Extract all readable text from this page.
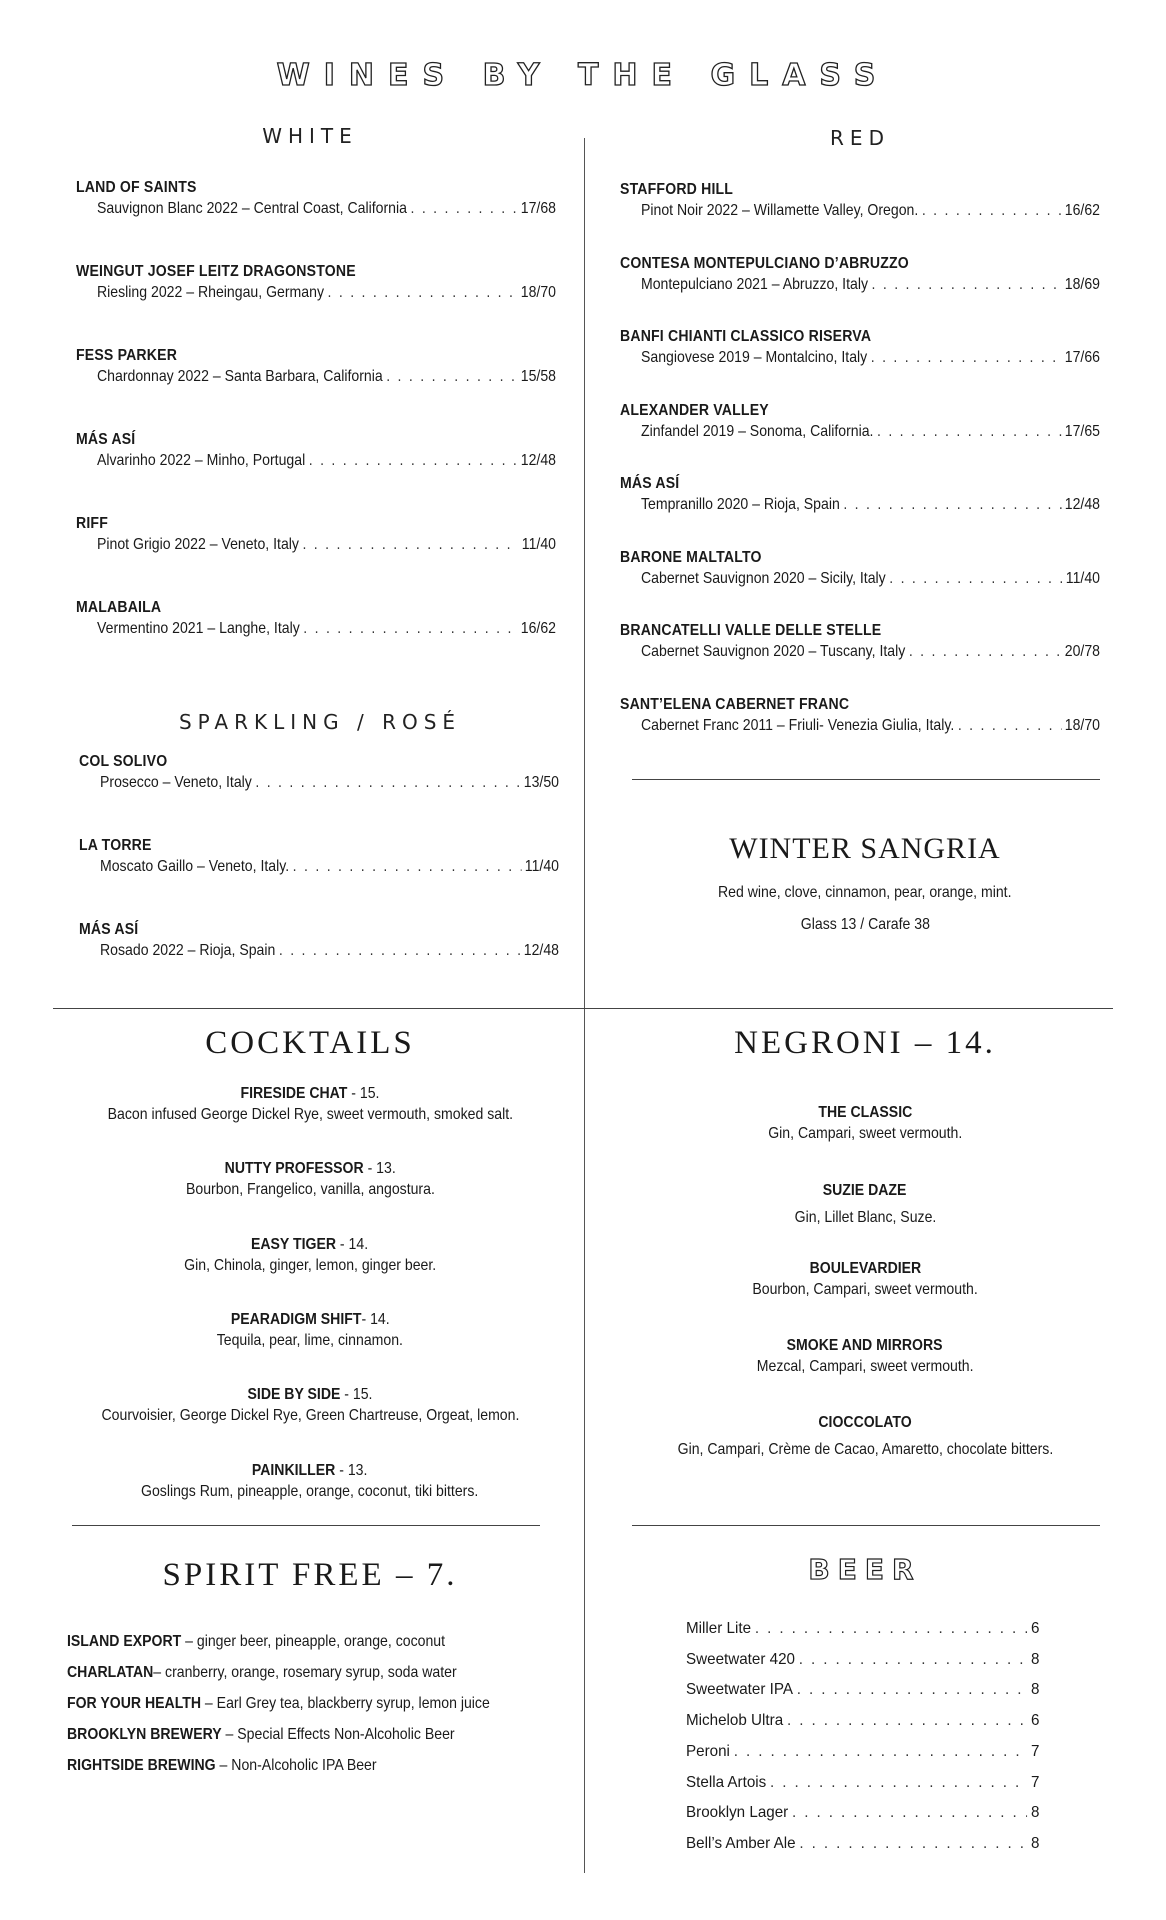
WINES BY THE GLASS
WHITE
LAND OF SAINTS
Sauvignon Blanc 2022 – Central Coast, California . . .	17/68
WEINGUT JOSEF LEITZ DRAGONSTONE
Riesling 2022 – Rheingau, Germany . . .	18/70
FESS PARKER
Chardonnay 2022 – Santa Barbara, California . . .	15/58
MÁS ASÍ
Alvarinho 2022 – Minho, Portugal . . .	12/48
RIFF
Pinot Grigio 2022 – Veneto, Italy . . .	11/40
MALABAILA
Vermentino 2021 – Langhe, Italy . . .	16/62
SPARKLING / ROSÉ
COL SOLIVO
Prosecco – Veneto, Italy . . .	13/50
LA TORRE
Moscato Gaillo – Veneto, Italy. . . .	11/40
MÁS ASÍ
Rosado 2022 – Rioja, Spain . . .	12/48
RED
STAFFORD HILL
Pinot Noir 2022 – Willamette Valley, Oregon. . . .	16/62
CONTESA MONTEPULCIANO D’ABRUZZO
Montepulciano 2021 – Abruzzo, Italy . . .	18/69
BANFI CHIANTI CLASSICO RISERVA
Sangiovese 2019 – Montalcino, Italy . . .	17/66
ALEXANDER VALLEY
Zinfandel 2019 – Sonoma, California. . . .	17/65
MÁS ASÍ
Tempranillo 2020 – Rioja, Spain . . .	12/48
BARONE MALTALTO
Cabernet Sauvignon 2020 – Sicily, Italy . . .	11/40
BRANCATELLI VALLE DELLE STELLE
Cabernet Sauvignon 2020 – Tuscany, Italy . . .	20/78
SANT’ELENA CABERNET FRANC
Cabernet Franc 2011 – Friuli- Venezia Giulia, Italy. . . .	18/70
WINTER SANGRIA
Red wine, clove, cinnamon, pear, orange, mint.
Glass 13 / Carafe 38
COCKTAILS
FIRESIDE CHAT - 15.
Bacon infused George Dickel Rye, sweet vermouth, smoked salt.
NUTTY PROFESSOR - 13.
Bourbon, Frangelico, vanilla, angostura.
EASY TIGER - 14.
Gin, Chinola, ginger, lemon, ginger beer.
PEARADIGM SHIFT- 14.
Tequila, pear, lime, cinnamon.
SIDE BY SIDE - 15.
Courvoisier, George Dickel Rye, Green Chartreuse, Orgeat, lemon.
PAINKILLER - 13.
Goslings Rum, pineapple, orange, coconut, tiki bitters.
NEGRONI – 14.
THE CLASSIC
Gin, Campari, sweet vermouth.
SUZIE DAZE
Gin, Lillet Blanc, Suze.
BOULEVARDIER
Bourbon, Campari, sweet vermouth.
SMOKE AND MIRRORS
Mezcal, Campari, sweet vermouth.
CIOCCOLATO
Gin, Campari, Crème de Cacao, Amaretto, chocolate bitters.
SPIRIT FREE – 7.
ISLAND EXPORT – ginger beer, pineapple, orange, coconut
CHARLATAN– cranberry, orange, rosemary syrup, soda water
FOR YOUR HEALTH – Earl Grey tea, blackberry syrup, lemon juice
BROOKLYN BREWERY – Special Effects Non-Alcoholic Beer
RIGHTSIDE BREWING – Non-Alcoholic IPA Beer
BEER
Miller Lite . . .	6
Sweetwater 420 . . .	8
Sweetwater IPA . . .	8
Michelob Ultra . . .	6
Peroni . . .	7
Stella Artois . . .	7
Brooklyn Lager . . .	8
Bell’s Amber Ale . . .	8
